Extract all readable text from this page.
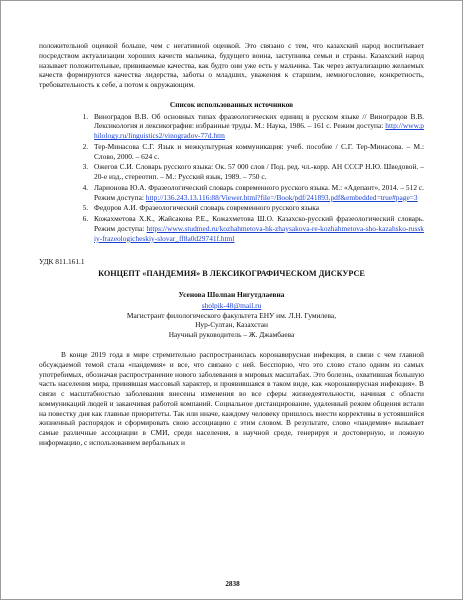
положительной оценкой больше, чем с негативной оценкой. Это связано с тем, что казахский народ воспитывает посредством актуализации хороших качеств мальчика, будущего воина, заступника семьи и страны. Казахский народ называет положительные, прививаемые качества, как будто они уже есть у мальчика. Так через актуализацию желаемых качеств формируются качества лидерства, заботы о младших, уважения к старшим, немногословие, конкретность, требовательность к себе, а потом к окружающим.

Список использованных источников
1. Виноградов В.В. Об основных типах фразеологических единиц в русском языке // Виноградов В.В. Лексикология и лексикография: избранные труды. М.: Наука, 1986. – 161 с. Режим доступа: http://www.philology.ru/linguistics2/vinogradov-77d.htm
2. Тер-Минасова С.Г. Язык и межкультурная коммуникация: учеб. пособие / С.Г. Тер-Минасова. – М.: Слово, 2000. – 624 с.
3. Ожегов С.И. Словарь русского языка: Ок. 57 000 слов / Под. ред. чл.-корр. АН СССР Н.Ю. Шведовой. – 20-е изд., стереотип. – М.: Русский язык, 1989. – 750 с.
4. Ларионова Ю.А. Фразеологический словарь современного русского языка. М.: «Адепант», 2014. – 512 с. Режим доступа: http://136.243.13.116:88/Viewer.html?file=/Book/pdf/241893.pdf&embedded=true#page=3
5. Федоров А.И. Фразеологический словарь современного русского языка
6. Кожахметова Х.К., Жайсакова Р.Е., Кожахметова Ш.О. Казахско-русский фразеологический словарь. Режим доступа: https://www.studmed.ru/kozhahmetova-hk-zhaysakova-re-kozhahmetova-sho-kazahsko-russkiy-frazeologicheskiy-slovar_ff8a0d29741f.html
УДК 811.161.1
КОНЦЕПТ «ПАНДЕМИЯ» В ЛЕКСИКОГРАФИЧЕСКОМ ДИСКУРСЕ
Усенова Шолпан Нигутдлаевна
sholpik-48@mail.ru
Магистрант филологического факультета ЕНУ им. Л.Н. Гумилева,
Нур-Султан, Казахстан
Научный руководитель – Ж. Джамбаева

В конце 2019 года в мире стремительно распространилась коронавирусная инфекция, в связи с чем главной обсуждаемой темой стала «пандемия» и все, что связано с ней. Бесспорно, что это слово стало одним из самых употребимых, обозначая распространение нового заболевания в мировых масштабах. Это болезнь, охватившая большую часть населения мира, принявшая массовый характер, и проявившаяся в таком виде, как «коронавирусная инфекция». В связи с масштабностью заболевания внесены изменения во все сферы жизнедеятельности, начиная с области коммуникаций людей и заканчивая работой компаний. Социальное дистанцирование, удаленный режим общения встали на повестку дня как главные приоритеты. Так или иначе, каждому человеку пришлось внести коррективы в устоявшийся жизненный распорядок и сформировать свою ассоциацию с этим словом. В результате, слово «пандемия» вызывает самые различные ассоциации в СМИ, среди населения, в научной среде, генерируя и достоверную, и ложную информацию, с использованием вербальных и

2838
